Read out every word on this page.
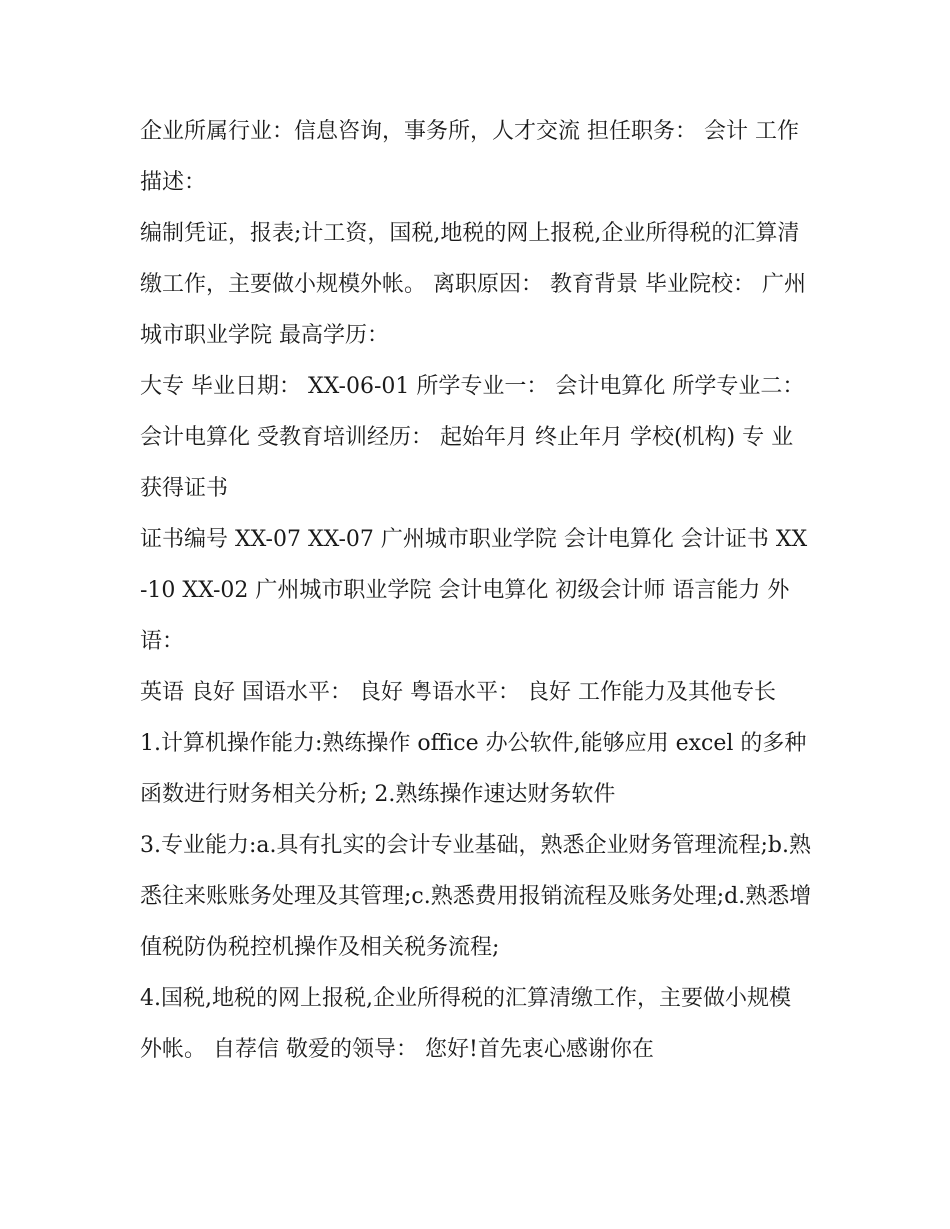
企业所属行业：信息咨询，事务所，人才交流 担任职务： 会计 工作描述：

编制凭证，报表;计工资，国税,地税的网上报税,企业所得税的汇算清缴工作，主要做小规模外帐。 离职原因： 教育背景 毕业院校： 广州城市职业学院 最高学历：

大专 毕业日期： XX-06-01 所学专业一： 会计电算化 所学专业二： 会计电算化 受教育培训经历： 起始年月 终止年月 学校(机构) 专 业 获得证书

证书编号 XX-07 XX-07 广州城市职业学院 会计电算化 会计证书 XX-10 XX-02 广州城市职业学院 会计电算化 初级会计师 语言能力 外语：

英语 良好 国语水平： 良好 粤语水平： 良好 工作能力及其他专长

1.计算机操作能力:熟练操作 office 办公软件,能够应用 excel 的多种函数进行财务相关分析; 2.熟练操作速达财务软件

3.专业能力:a.具有扎实的会计专业基础，熟悉企业财务管理流程;b.熟悉往来账账务处理及其管理;c.熟悉费用报销流程及账务处理;d.熟悉增值税防伪税控机操作及相关税务流程;

4.国税,地税的网上报税,企业所得税的汇算清缴工作，主要做小规模外帐。 自荐信 敬爱的领导： 您好!首先衷心感谢你在
